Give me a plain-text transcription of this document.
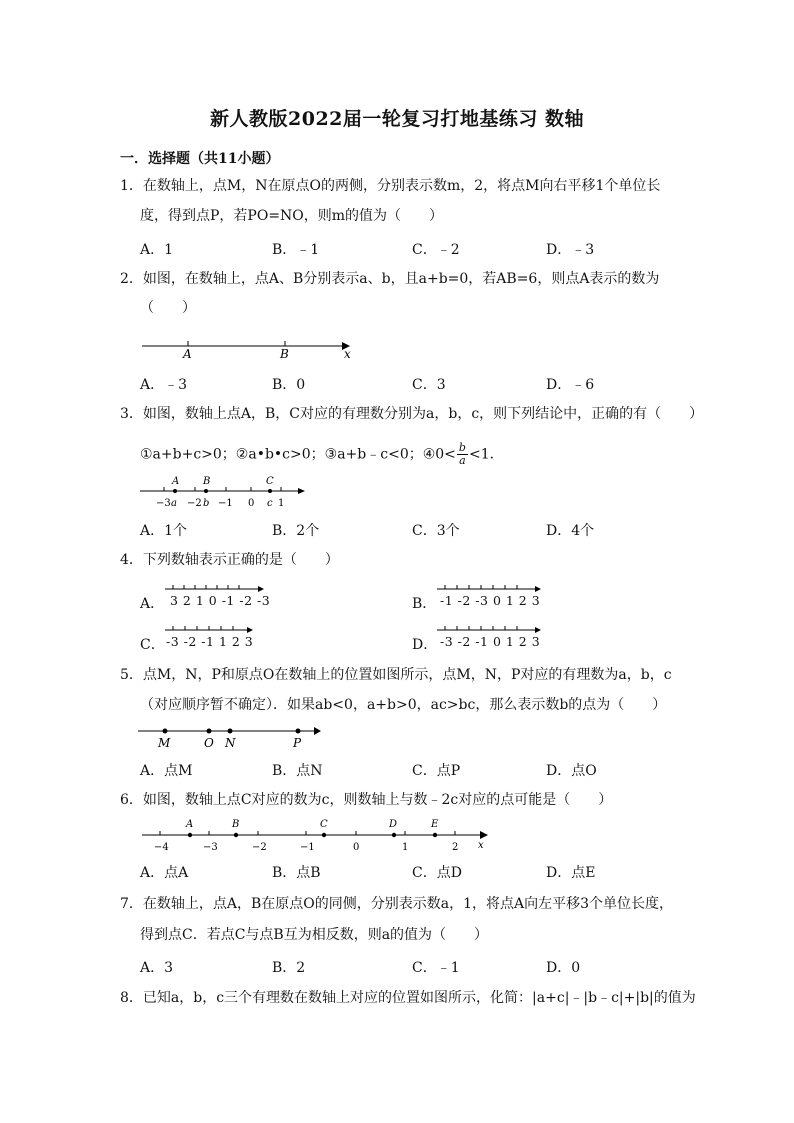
新人教版2022届一轮复习打地基练习 数轴
一．选择题（共11小题）
1．在数轴上，点M，N在原点O的两侧，分别表示数m，2，将点M向右平移1个单位长
度，得到点P，若PO=NO，则m的值为（　　）
A．1	B．﹣1	C．﹣2	D．﹣3
2．如图，在数轴上，点A、B分别表示a、b，且a+b=0，若AB=6，则点A表示的数为
（　　）
A	B	x
A．﹣3	B．0	C．3	D．﹣6
3．如图，数轴上点A，B，C对应的有理数分别为a，b，c，则下列结论中，正确的有（　　）
①a+b+c>0；②a•b•c>0；③a+b﹣c<0；④0< $\frac{b}{a} <1$．
A B	C
−3 a −2 b −1 0 c 1
A．1个	B．2个	C．3个	D．4个
4．下列数轴表示正确的是（　　）
A． 3 2 1 0 -1 -2 -3	B． -1 -2 -3 0 1 2 3
C． -3 -2 -1 1 2 3	D． -3 -2 -1 0 1 2 3
5．点M，N，P和原点O在数轴上的位置如图所示，点M，N，P对应的有理数为a，b，c
（对应顺序暂不确定）．如果ab<0，a+b>0，ac>bc，那么表示数b的点为（　　）
M	O N	P
A．点M	B．点N	C．点P	D．点O
6．如图，数轴上点C对应的数为c，则数轴上与数﹣2c对应的点可能是（　　）
A	B	C	D	E
−4	−3	−2	−1	0	1	2 x
A．点A	B．点B	C．点D	D．点E
7．在数轴上，点A，B在原点O的同侧，分别表示数a，1，将点A向左平移3个单位长度，
得到点C．若点C与点B互为相反数，则a的值为（　　）
A．3	B．2	C．﹣1	D．0
8．已知a，b，c三个有理数在数轴上对应的位置如图所示，化简：|a+c|﹣|b﹣c|+|b|的值为
